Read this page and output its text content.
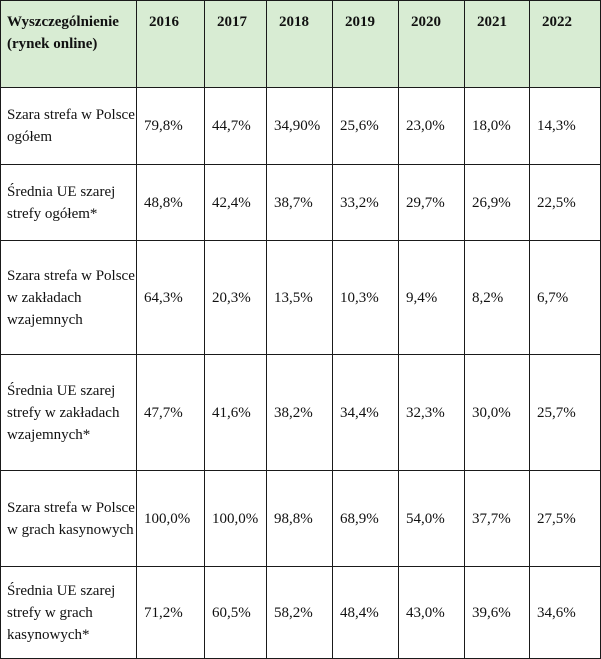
Wyszczególnienie (rynek online)	2016	2017	2018	2019	2020	2021	2022
Szara strefa w Polsce ogółem	79,8%	44,7%	34,90%	25,6%	23,0%	18,0%	14,3%
Średnia UE szarej strefy ogółem*	48,8%	42,4%	38,7%	33,2%	29,7%	26,9%	22,5%
Szara strefa w Polsce w zakładach wzajemnych	64,3%	20,3%	13,5%	10,3%	9,4%	8,2%	6,7%
Średnia UE szarej strefy w zakładach wzajemnych*	47,7%	41,6%	38,2%	34,4%	32,3%	30,0%	25,7%
Szara strefa w Polsce w grach kasynowych	100,0%	100,0%	98,8%	68,9%	54,0%	37,7%	27,5%
Średnia UE szarej strefy w grach kasynowych*	71,2%	60,5%	58,2%	48,4%	43,0%	39,6%	34,6%
